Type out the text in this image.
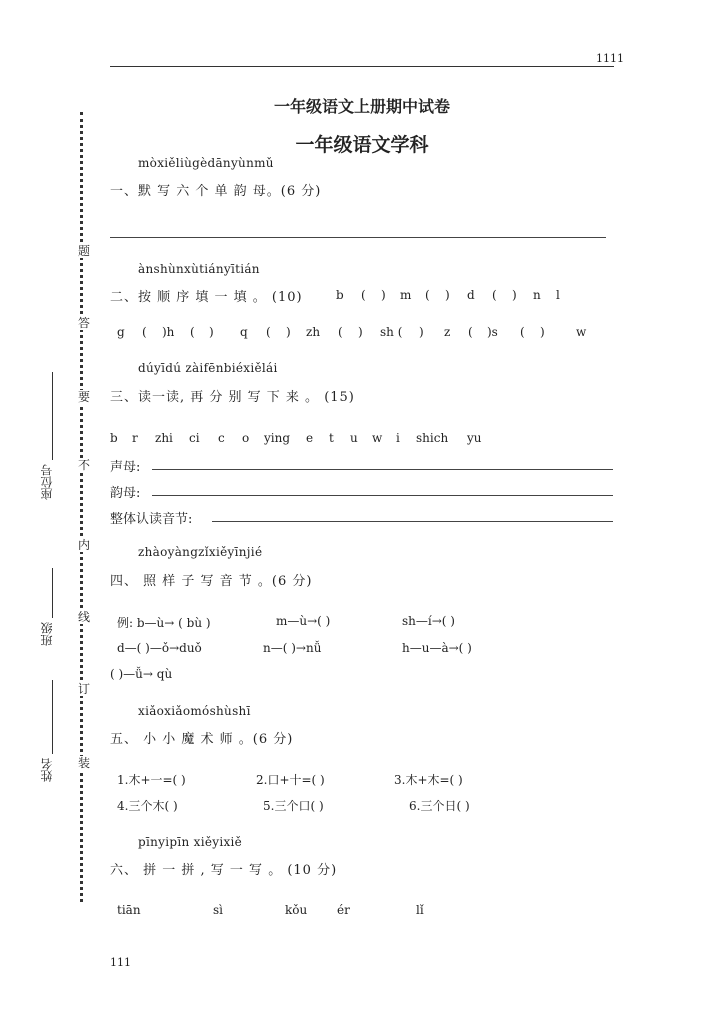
1111
一年级语文上册期中试卷
一年级语文学科
题
答
要
不
内
线
订
装
座位号
班级
姓名
mòxiěliùgèdānyùnmǔ
一、默 写 六 个 单 韵 母。(6 分)
ànshùnxùtiányītián
二、按 顺 序 填 一 填 。 (10)	b ( ) m ( ) d ( ) n l
g ( )h ( ) q ( ) zh ( ) sh ( ) z ( )s ( )	w
dúyīdú zàifēnbiéxiělái
三、读一读, 再 分 别 写 下 来 。 (15)
b r zhi ci c o ying e t u w i shich yu
声母:
韵母:
整体认读音节:
zhàoyàngzǐxiěyīnjié
四、 照 样 子 写 音 节 。(6 分)
例: b—ù→ ( bù )	m—ù→( )	sh—í→( )
d—( )—ǒ→duǒ	n—( )→nǚ	h—u—à→( )
( )—ǚ→ qù
xiǎoxiǎomóshùshī
五、 小 小 魔 术 师 。(6 分)
1.木+一=( )	2.口+十=( )	3.木+木=( )
4.三个木( )	5.三个口( )	6.三个日( )
pīnyipīn xiěyixiě
六、 拼 一 拼 , 写 一 写 。 (10 分)
tiān	sì	kǒu ér	lǐ
111
